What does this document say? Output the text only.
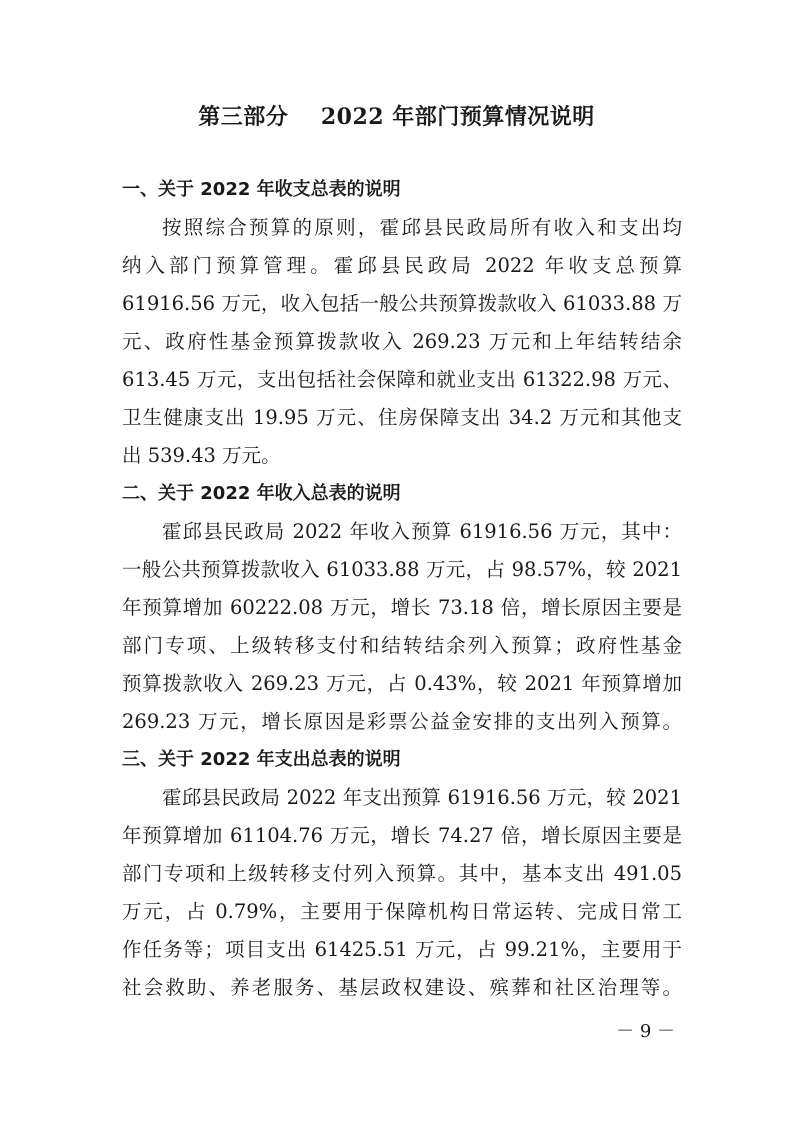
第三部分    2022 年部门预算情况说明
一、关于 2022 年收支总表的说明
按照综合预算的原则，霍邱县民政局所有收入和支出均
纳入部门预算管理。霍邱县民政局 2022 年收支总预算
61916.56 万元，收入包括一般公共预算拨款收入 61033.88 万
元、政府性基金预算拨款收入 269.23 万元和上年结转结余
613.45 万元，支出包括社会保障和就业支出 61322.98 万元、
卫生健康支出 19.95 万元、住房保障支出 34.2 万元和其他支
出 539.43 万元。
二、关于 2022 年收入总表的说明
霍邱县民政局 2022 年收入预算 61916.56 万元，其中：
一般公共预算拨款收入 61033.88 万元，占 98.57%，较 2021
年预算增加 60222.08 万元，增长 73.18 倍，增长原因主要是
部门专项、上级转移支付和结转结余列入预算；政府性基金
预算拨款收入 269.23 万元，占 0.43%，较 2021 年预算增加
269.23 万元，增长原因是彩票公益金安排的支出列入预算。
三、关于 2022 年支出总表的说明
霍邱县民政局 2022 年支出预算 61916.56 万元，较 2021
年预算增加 61104.76 万元，增长 74.27 倍，增长原因主要是
部门专项和上级转移支付列入预算。其中，基本支出 491.05
万元，占 0.79%，主要用于保障机构日常运转、完成日常工
作任务等；项目支出 61425.51 万元，占 99.21%，主要用于
社会救助、养老服务、基层政权建设、殡葬和社区治理等。
－ 9 －
